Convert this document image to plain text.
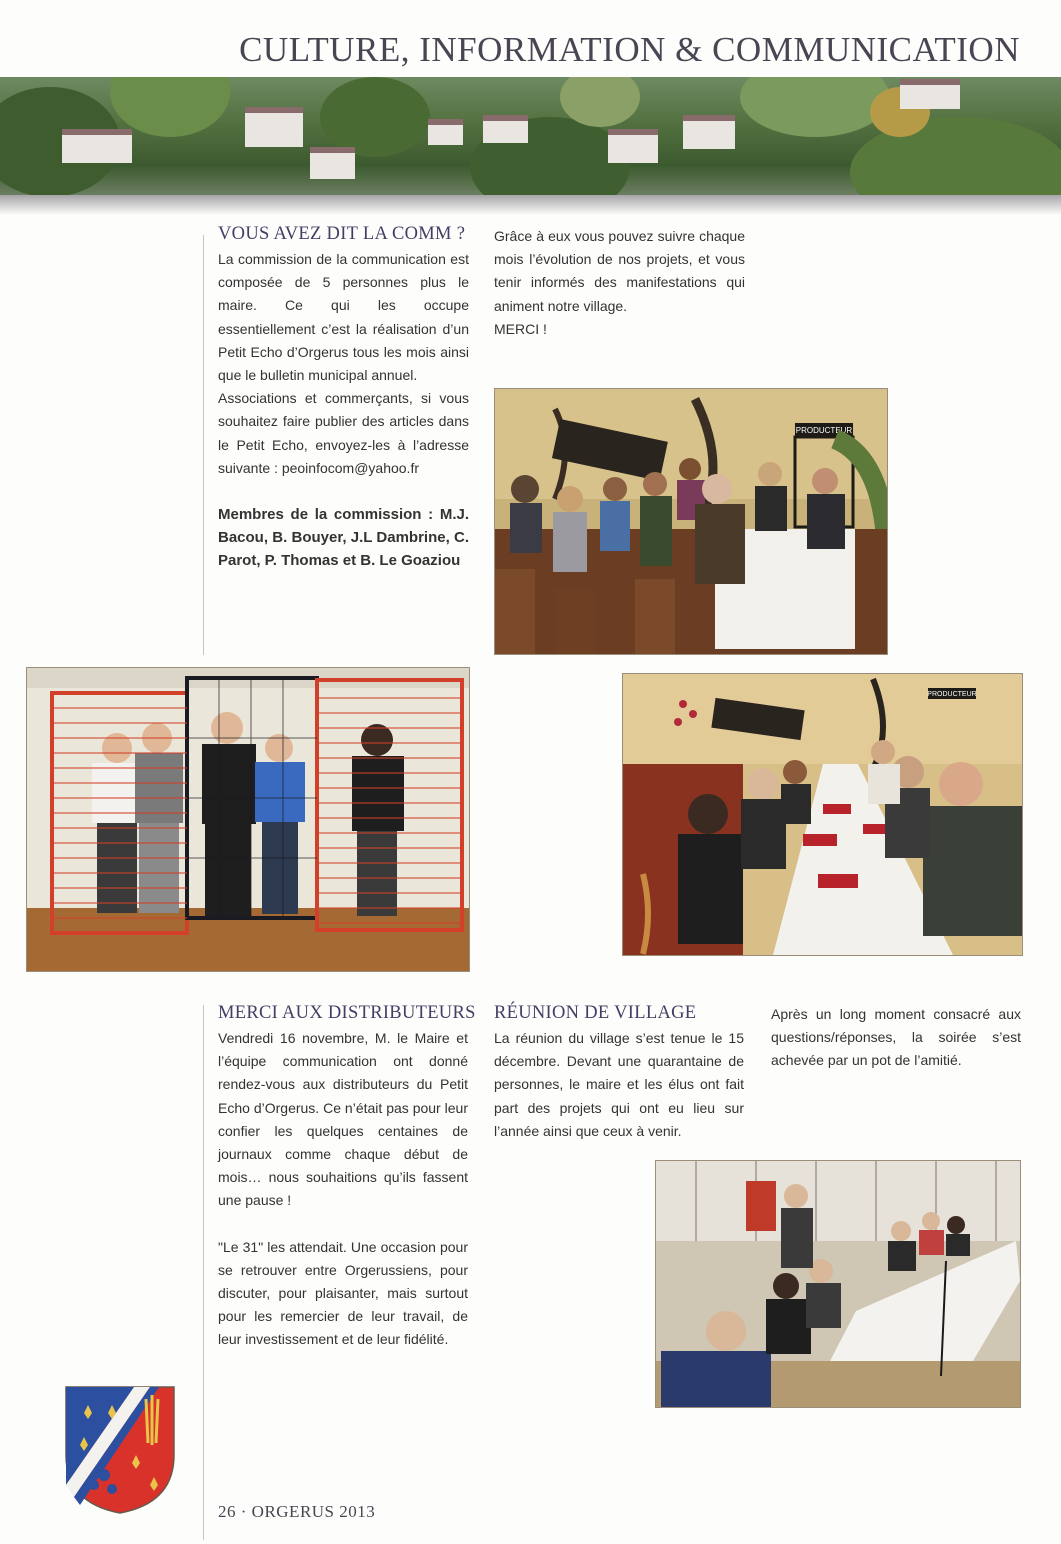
CULTURE, INFORMATION & COMMUNICATION
VOUS AVEZ DIT LA COMM ?

La commission de la communication est composée de 5 personnes plus le maire. Ce qui les occupe essentiellement c’est la réalisation d’un Petit Echo d’Orgerus tous les mois ainsi que le bulletin municipal annuel.

Associations et commerçants, si vous souhaitez faire publier des articles dans le Petit Echo, envoyez-les à l’adresse suivante : peoinfocom@yahoo.fr

Membres de la commission : M.J. Bacou, B. Bouyer, J.L Dambrine, C. Parot, P. Thomas et B. Le Goaziou

Grâce à eux vous pouvez suivre chaque mois l’évolution de nos projets, et vous tenir informés des manifestations qui animent notre village.

MERCI !

PRODUCTEUR
PRODUCTEUR
MERCI AUX DISTRIBUTEURS

Vendredi 16 novembre, M. le Maire et l’équipe communication ont donné rendez-vous aux distributeurs du Petit Echo d’Orgerus. Ce n’était pas pour leur confier les quelques centaines de journaux comme chaque début de mois… nous souhaitions qu’ils fassent une pause !

"Le 31" les attendait. Une occasion pour se retrouver entre Orgerussiens, pour discuter, pour plaisanter, mais surtout pour les remercier de leur travail, de leur investissement et de leur fidélité.

RÉUNION DE VILLAGE

La réunion du village s’est tenue le 15 décembre. Devant une quarantaine de personnes, le maire et les élus ont fait part des projets qui ont eu lieu sur l’année ainsi que ceux à venir.

Après un long moment consacré aux questions/réponses, la soirée s’est achevée par un pot de l’amitié.

26 · ORGERUS 2013
